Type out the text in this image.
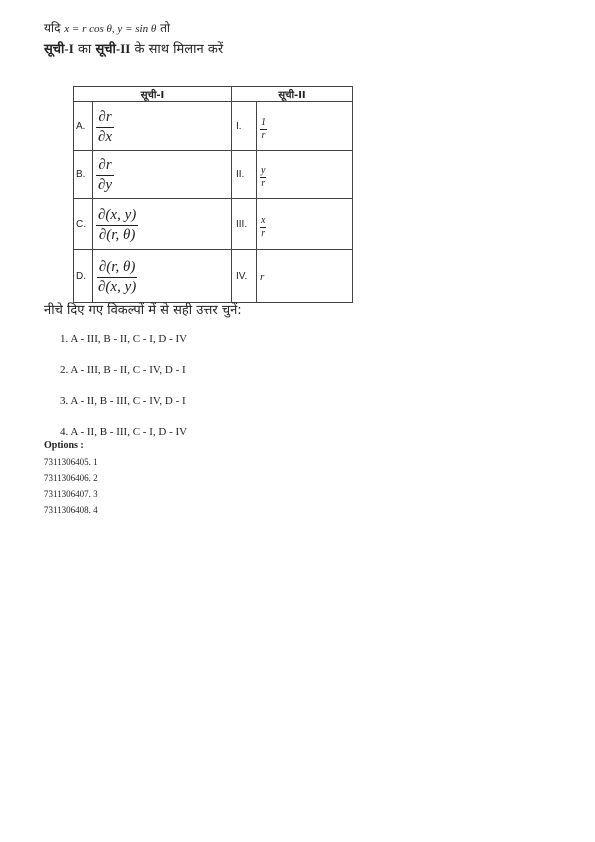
यदि x = r cos θ, y = sin θ तो
सूची-I का सूची-II के साथ मिलान करें
सूची-I		सूची-II	
A.	$\frac{\partial r}{\partial x}$	I.	$\frac{1}{r}$

B.	$\frac{\partial r}{\partial y}$	II.	$\frac{y}{r}$

C.	$\frac{\partial(x, y)}{\partial(r, \theta)}$	III.	$\frac{x}{r}$

D.	$\frac{\partial(r, \theta)}{\partial(x, y)}$	IV.	r
नीचे दिए गए विकल्पों में से सही उत्तर चुनें:
1. A - III, B - II, C - I, D - IV
2. A - III, B - II, C - IV, D - I
3. A - II, B - III, C - IV, D - I
4. A - II, B - III, C - I, D - IV
Options :
7311306405. 1
7311306406. 2
7311306407. 3
7311306408. 4
